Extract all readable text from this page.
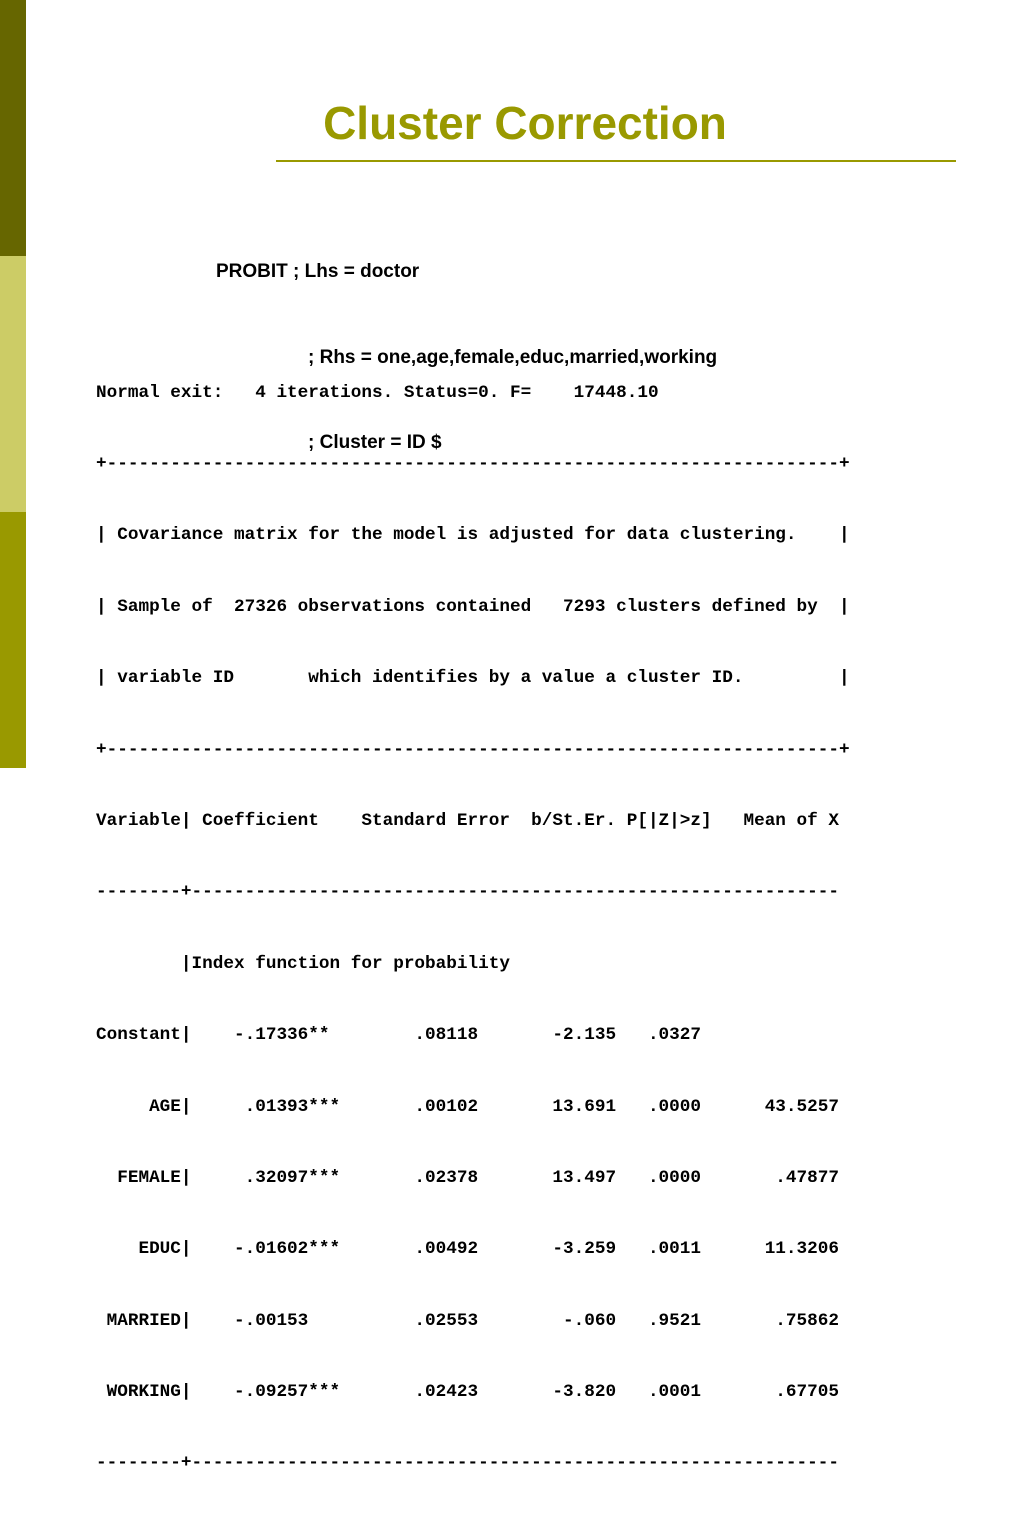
Cluster Correction

PROBIT ; Lhs = doctor

; Rhs = one,age,female,educ,married,working

; Cluster = ID $

Normal exit:   4 iterations. Status=0. F=    17448.10

+---------------------------------------------------------------------+

| Covariance matrix for the model is adjusted for data clustering.    |

| Sample of  27326 observations contained   7293 clusters defined by  |

| variable ID       which identifies by a value a cluster ID.         |

+---------------------------------------------------------------------+

Variable| Coefficient    Standard Error  b/St.Er. P[|Z|>z]   Mean of X

--------+-------------------------------------------------------------

|Index function for probability

Constant|    -.17336**        .08118       -2.135   .0327

AGE|     .01393***       .00102       13.691   .0000      43.5257

FEMALE|     .32097***       .02378       13.497   .0000       .47877

EDUC|    -.01602***       .00492       -3.259   .0011      11.3206

MARRIED|    -.00153          .02553        -.060   .9521       .75862

WORKING|    -.09257***       .02423       -3.820   .0001       .67705

--------+-------------------------------------------------------------
